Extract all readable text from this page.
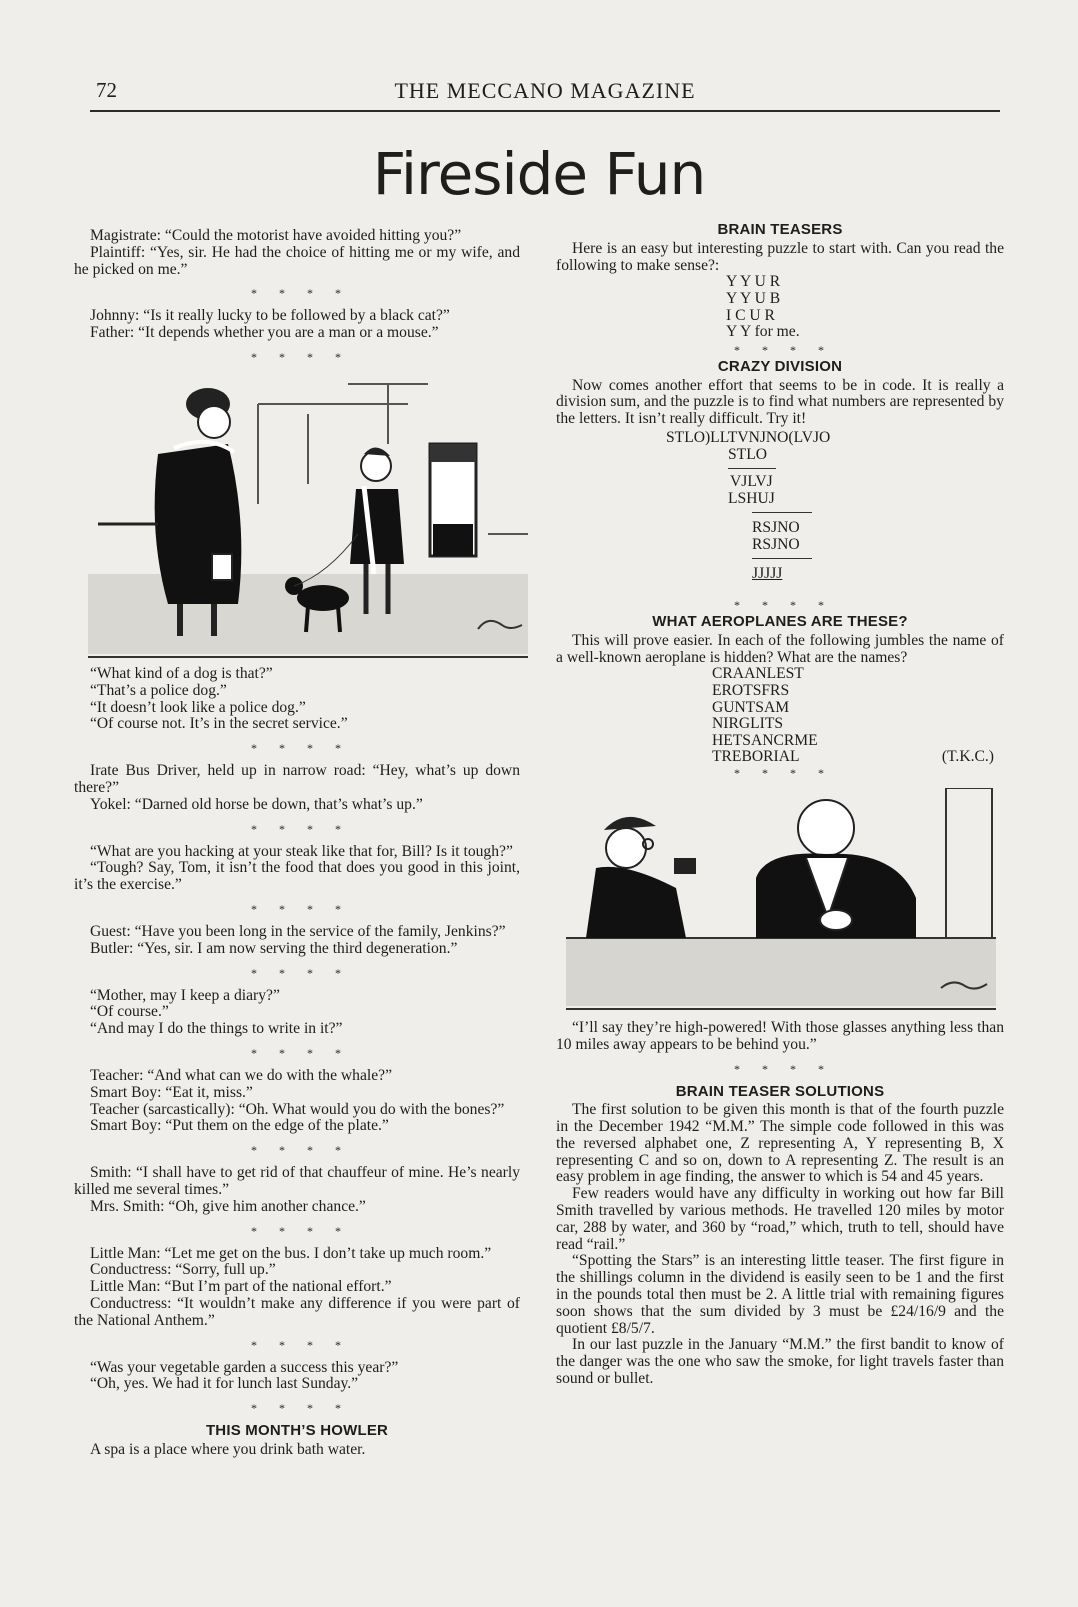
72	THE MECCANO MAGAZINE
Fireside Fun

Magistrate: “Could the motorist have avoided hitting you?”

Plaintiff: “Yes, sir. He had the choice of hitting me or my wife, and he picked on me.”

****

Johnny: “Is it really lucky to be followed by a black cat?”

Father: “It depends whether you are a man or a mouse.”

****

“What kind of a dog is that?”

“That’s a police dog.”

“It doesn’t look like a police dog.”

“Of course not. It’s in the secret service.”

****

Irate Bus Driver, held up in narrow road: “Hey, what’s up down there?”

Yokel: “Darned old horse be down, that’s what’s up.”

****

“What are you hacking at your steak like that for, Bill? Is it tough?”

“Tough? Say, Tom, it isn’t the food that does you good in this joint, it’s the exercise.”

****

Guest: “Have you been long in the service of the family, Jenkins?”

Butler: “Yes, sir. I am now serving the third degeneration.”

****

“Mother, may I keep a diary?”

“Of course.”

“And may I do the things to write in it?”

****

Teacher: “And what can we do with the whale?”

Smart Boy: “Eat it, miss.”

Teacher (sarcastically): “Oh. What would you do with the bones?”

Smart Boy: “Put them on the edge of the plate.”

****

Smith: “I shall have to get rid of that chauffeur of mine. He’s nearly killed me several times.”

Mrs. Smith: “Oh, give him another chance.”

****

Little Man: “Let me get on the bus. I don’t take up much room.”

Conductress: “Sorry, full up.”

Little Man: “But I’m part of the national effort.”

Conductress: “It wouldn’t make any difference if you were part of the National Anthem.”

****

“Was your vegetable garden a success this year?”

“Oh, yes. We had it for lunch last Sunday.”

****
THIS MONTH’S HOWLER

A spa is a place where you drink bath water.

BRAIN TEASERS

Here is an easy but interesting puzzle to start with. Can you read the following to make sense?:

Y Y U R
Y Y U B
I C U R
Y Y for me.
****
CRAZY DIVISION

Now comes another effort that seems to be in code. It is really a division sum, and the puzzle is to find what numbers are represented by the letters. It isn’t really difficult. Try it!

STLO)LLTVNJNO(LVJO
STLO
VJLVJ
LSHUJ
RSJNO
RSJNO
JJJJJ
****
WHAT AEROPLANES ARE THESE?

This will prove easier. In each of the following jumbles the name of a well-known aeroplane is hidden? What are the names?

CRAANLEST
EROTSFRS
GUNTSAM
NIRGLITS
HETSANCRME
TREBORIAL	(T.K.C.)
****

“I’ll say they’re high-powered! With those glasses anything less than 10 miles away appears to be behind you.”

****
BRAIN TEASER SOLUTIONS

The first solution to be given this month is that of the fourth puzzle in the December 1942 “M.M.” The simple code followed in this was the reversed alphabet one, Z representing A, Y representing B, X representing C and so on, down to A representing Z. The result is an easy problem in age finding, the answer to which is 54 and 45 years.

Few readers would have any difficulty in working out how far Bill Smith travelled by various methods. He travelled 120 miles by motor car, 288 by water, and 360 by “road,” which, truth to tell, should have read “rail.”

“Spotting the Stars” is an interesting little teaser. The first figure in the shillings column in the dividend is easily seen to be 1 and the first in the pounds total then must be 2. A little trial with remaining figures soon shows that the sum divided by 3 must be £24/16/9 and the quotient £8/5/7.

In our last puzzle in the January “M.M.” the first bandit to know of the danger was the one who saw the smoke, for light travels faster than sound or bullet.
